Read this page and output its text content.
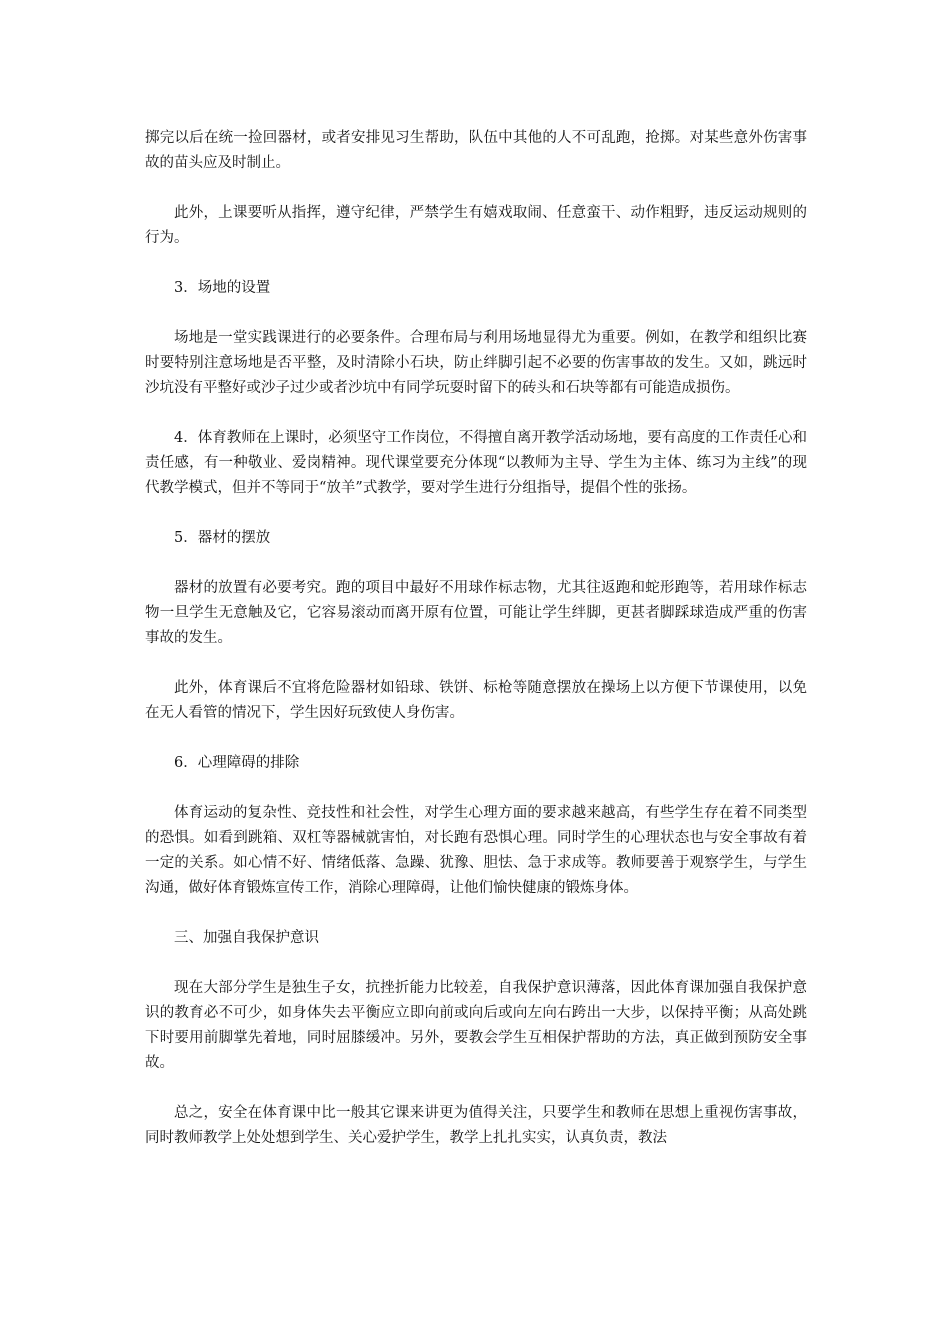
掷完以后在统一捡回器材，或者安排见习生帮助，队伍中其他的人不可乱跑，抢掷。对某些意外伤害事故的苗头应及时制止。

此外，上课要听从指挥，遵守纪律，严禁学生有嬉戏取闹、任意蛮干、动作粗野，违反运动规则的行为。

3．场地的设置

场地是一堂实践课进行的必要条件。合理布局与利用场地显得尤为重要。例如，在教学和组织比赛时要特别注意场地是否平整，及时清除小石块，防止绊脚引起不必要的伤害事故的发生。又如，跳远时沙坑没有平整好或沙子过少或者沙坑中有同学玩耍时留下的砖头和石块等都有可能造成损伤。

4．体育教师在上课时，必须坚守工作岗位，不得擅自离开教学活动场地，要有高度的工作责任心和责任感，有一种敬业、爱岗精神。现代课堂要充分体现“以教师为主导、学生为主体、练习为主线”的现代教学模式，但并不等同于“放羊”式教学，要对学生进行分组指导，提倡个性的张扬。

5．器材的摆放

器材的放置有必要考究。跑的项目中最好不用球作标志物，尤其往返跑和蛇形跑等，若用球作标志物一旦学生无意触及它，它容易滚动而离开原有位置，可能让学生绊脚，更甚者脚踩球造成严重的伤害事故的发生。

此外，体育课后不宜将危险器材如铅球、铁饼、标枪等随意摆放在操场上以方便下节课使用，以免在无人看管的情况下，学生因好玩致使人身伤害。

6．心理障碍的排除

体育运动的复杂性、竞技性和社会性，对学生心理方面的要求越来越高，有些学生存在着不同类型的恐惧。如看到跳箱、双杠等器械就害怕，对长跑有恐惧心理。同时学生的心理状态也与安全事故有着一定的关系。如心情不好、情绪低落、急躁、犹豫、胆怯、急于求成等。教师要善于观察学生，与学生沟通，做好体育锻炼宣传工作，消除心理障碍，让他们愉快健康的锻炼身体。

三、加强自我保护意识

现在大部分学生是独生子女，抗挫折能力比较差，自我保护意识薄落，因此体育课加强自我保护意识的教育必不可少，如身体失去平衡应立即向前或向后或向左向右跨出一大步，以保持平衡；从高处跳下时要用前脚掌先着地，同时屈膝缓冲。另外，要教会学生互相保护帮助的方法，真正做到预防安全事故。

总之，安全在体育课中比一般其它课来讲更为值得关注，只要学生和教师在思想上重视伤害事故，同时教师教学上处处想到学生、关心爱护学生，教学上扎扎实实，认真负责，教法
